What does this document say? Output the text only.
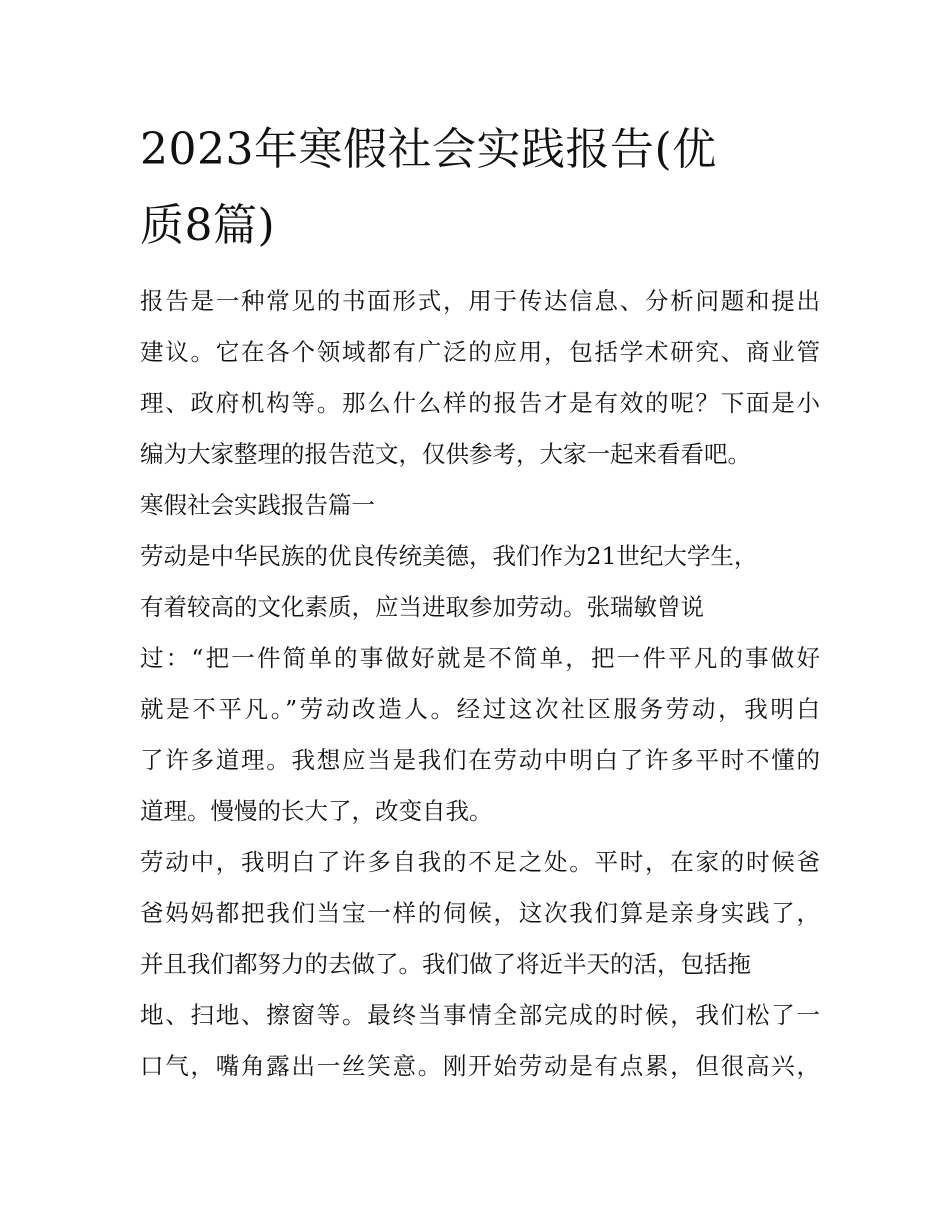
2023年寒假社会实践报告(优
质8篇)
报告是一种常见的书面形式，用于传达信息、分析问题和提出
建议。它在各个领域都有广泛的应用，包括学术研究、商业管
理、政府机构等。那么什么样的报告才是有效的呢？下面是小
编为大家整理的报告范文，仅供参考，大家一起来看看吧。
寒假社会实践报告篇一
劳动是中华民族的优良传统美德，我们作为21世纪大学生，
有着较高的文化素质，应当进取参加劳动。张瑞敏曾说
过：“把一件简单的事做好就是不简单，把一件平凡的事做好
就是不平凡。”劳动改造人。经过这次社区服务劳动，我明白
了许多道理。我想应当是我们在劳动中明白了许多平时不懂的
道理。慢慢的长大了，改变自我。
劳动中，我明白了许多自我的不足之处。平时，在家的时候爸
爸妈妈都把我们当宝一样的伺候，这次我们算是亲身实践了，
并且我们都努力的去做了。我们做了将近半天的活，包括拖
地、扫地、擦窗等。最终当事情全部完成的时候，我们松了一
口气，嘴角露出一丝笑意。刚开始劳动是有点累，但很高兴，
